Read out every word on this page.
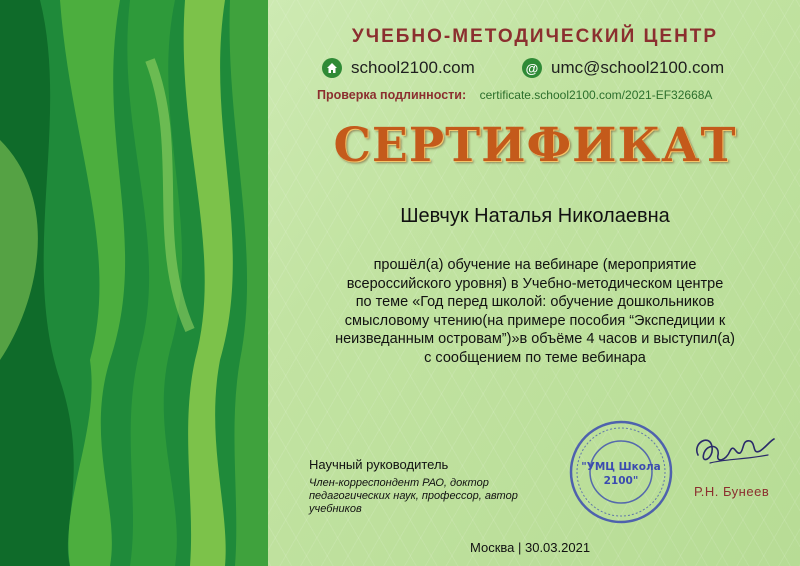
УЧЕБНО-МЕТОДИЧЕСКИЙ ЦЕНТР
school2100.com	@ umc@school2100.com
Проверка подлинности: certificate.school2100.com/2021-EF32668A
СЕРТИФИКАТ
Шевчук Наталья Николаевна
прошёл(а) обучение на вебинаре (мероприятие
всероссийского уровня) в Учебно-методическом центре
по теме «Год перед школой: обучение дошкольников
смысловому чтению(на примере пособия “Экспедиции к
неизведанным островам”)»в объёме 4 часов и выступил(а)
с сообщением по теме вебинара
Научный руководитель
Член-корреспондент РАО, доктор педагогических наук, профессор, автор учебников
"УМЦ Школа
2100"
Р.Н. Бунеев
Москва | 30.03.2021
